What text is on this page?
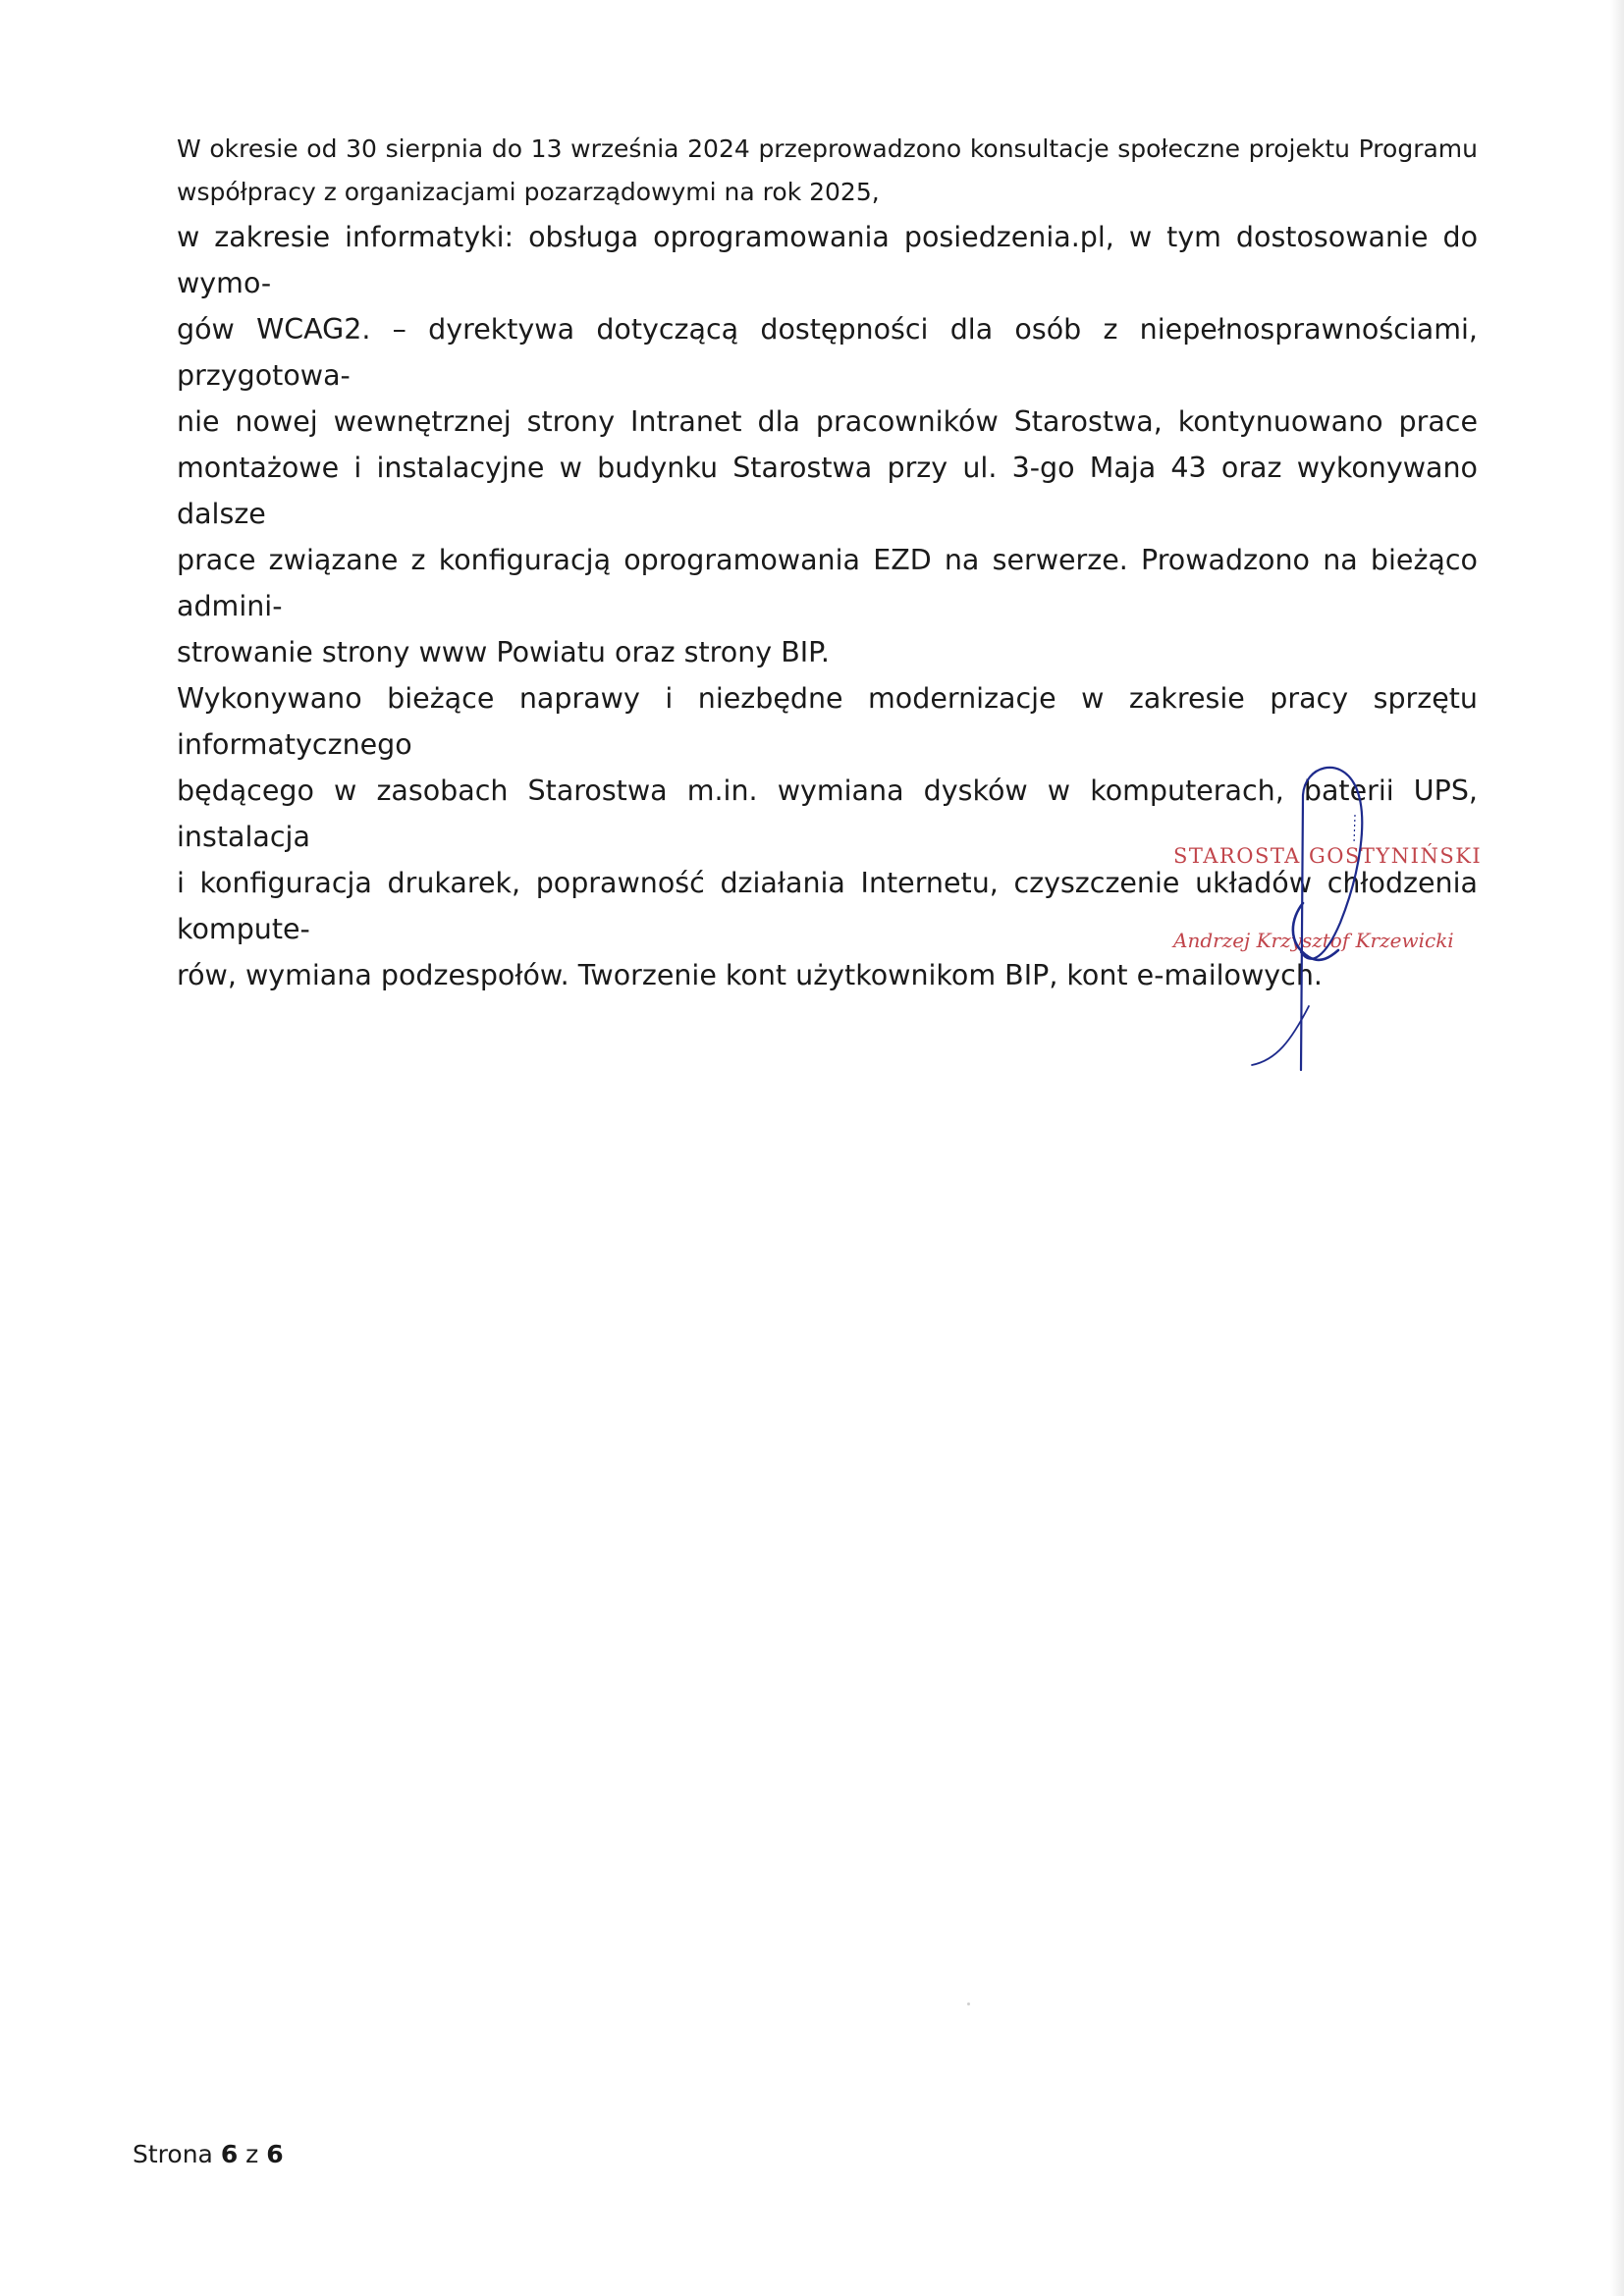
W okresie od 30 sierpnia do 13 września 2024 przeprowadzono konsultacje społeczne projektu Programu
współpracy z organizacjami pozarządowymi na rok 2025,
w zakresie informatyki: obsługa oprogramowania posiedzenia.pl, w tym dostosowanie do wymo-
gów WCAG2. – dyrektywa dotyczącą dostępności dla osób z niepełnosprawnościami, przygotowa-
nie nowej wewnętrznej strony Intranet dla pracowników Starostwa, kontynuowano prace
montażowe i instalacyjne w budynku Starostwa przy ul. 3-go Maja 43 oraz wykonywano dalsze
prace związane z konfiguracją oprogramowania EZD na serwerze. Prowadzono na bieżąco admini-
strowanie strony www Powiatu oraz strony BIP.
Wykonywano bieżące naprawy i niezbędne modernizacje w zakresie pracy sprzętu informatycznego
będącego w zasobach Starostwa m.in. wymiana dysków w komputerach, baterii UPS, instalacja
i konfiguracja drukarek, poprawność działania Internetu, czyszczenie układów chłodzenia kompute-
rów, wymiana podzespołów. Tworzenie kont użytkownikom BIP, kont e-mailowych.
STAROSTA GOSTYNIŃSKI
Andrzej Krzysztof Krzewicki
Strona 6 z 6
